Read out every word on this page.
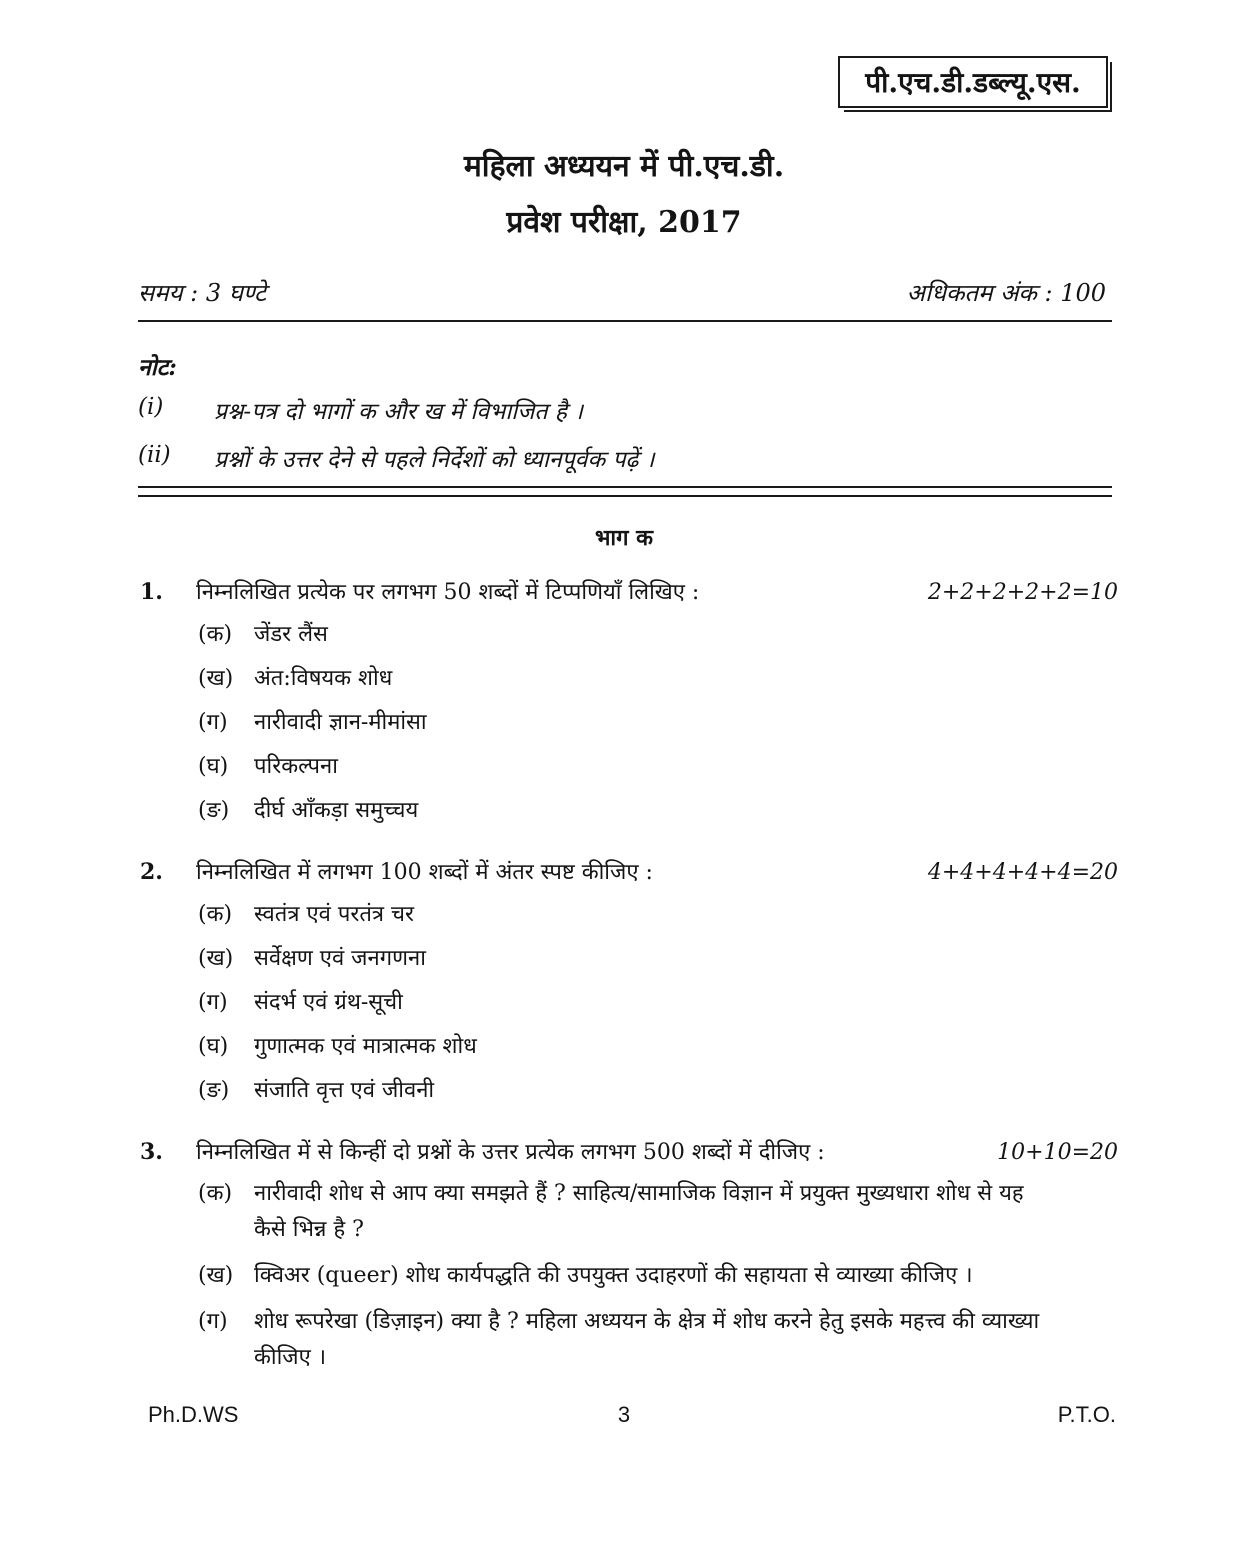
पी.एच.डी.डब्ल्यू.एस.
महिला अध्ययन में पी.एच.डी.
प्रवेश परीक्षा, 2017
समय : 3 घण्टे	अधिकतम अंक : 100
नोट:
(i)	प्रश्न-पत्र दो भागों क और ख में विभाजित है ।
(ii)	प्रश्नों के उत्तर देने से पहले निर्देशों को ध्यानपूर्वक पढ़ें ।
भाग क
1.	निम्नलिखित प्रत्येक पर लगभग 50 शब्दों में टिप्पणियाँ लिखिए :	2+2+2+2+2=10
(क) जेंडर लैंस
(ख) अंत:विषयक शोध
(ग)	नारीवादी ज्ञान-मीमांसा
(घ)	परिकल्पना
(ङ)	दीर्घ आँकड़ा समुच्चय
2.	निम्नलिखित में लगभग 100 शब्दों में अंतर स्पष्ट कीजिए :	4+4+4+4+4=20
(क) स्वतंत्र एवं परतंत्र चर
(ख) सर्वेक्षण एवं जनगणना
(ग)	संदर्भ एवं ग्रंथ-सूची
(घ)	गुणात्मक एवं मात्रात्मक शोध
(ङ)	संजाति वृत्त एवं जीवनी
3.	निम्नलिखित में से किन्हीं दो प्रश्नों के उत्तर प्रत्येक लगभग 500 शब्दों में दीजिए :	10+10=20
(क) नारीवादी शोध से आप क्या समझते हैं ? साहित्य/सामाजिक विज्ञान में प्रयुक्त मुख्यधारा शोध से यह कैसे भिन्न है ?
(ख) क्विअर (queer) शोध कार्यपद्धति की उपयुक्त उदाहरणों की सहायता से व्याख्या कीजिए ।
(ग)	शोध रूपरेखा (डिज़ाइन) क्या है ? महिला अध्ययन के क्षेत्र में शोध करने हेतु इसके महत्त्व की व्याख्या कीजिए ।
Ph.D.WS	3	P.T.O.
